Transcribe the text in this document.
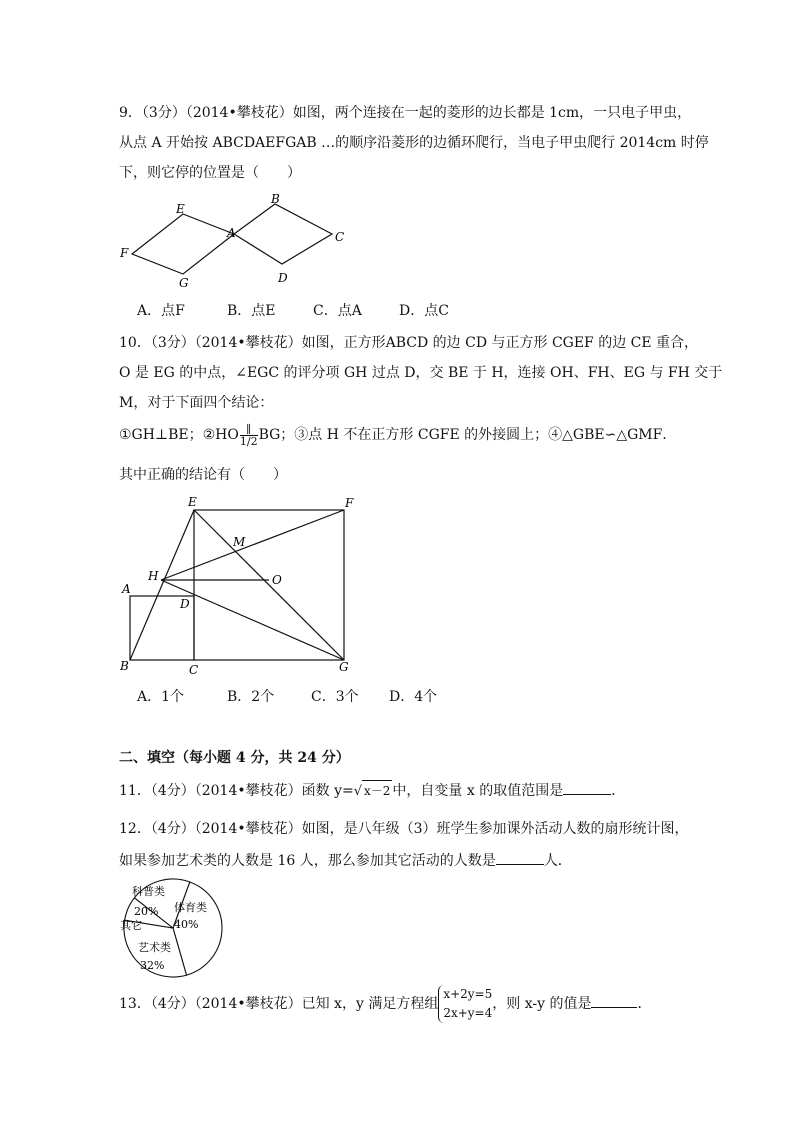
9．（3分）（2014•攀枝花）如图，两个连接在一起的菱形的边长都是 1cm，一只电子甲虫，
从点 A 开始按 ABCDAEFGAB …的顺序沿菱形的边循环爬行，当电子甲虫爬行 2014cm 时停
下，则它停的位置是（　　）
E
B
A	C
F
G	D
A．点F	B．点E	C．点A	D．点C
10．（3分）（2014•攀枝花）如图，正方形ABCD 的边 CD 与正方形 CGEF 的边 CE 重合，
O 是 EG 的中点，∠EGC 的评分项 GH 过点 D，交 BE 于 H，连接 OH、FH、EG 与 FH 交于
M，对于下面四个结论：
①GH⊥BE；②HO $\frac{\parallel}{1/2}$ BG；③点 H 不在正方形 CGFE 的外接圆上；④△GBE∽△GMF．
其中正确的结论有（　　）
E	F
M
H	O
A
D
B	C	G
A．1个	B．2个	C．3个 D．4个
二、填空（每小题 4 分，共 24 分）
11．（4分）（2014•攀枝花）函数 y=√ x－2 中，自变量 x 的取值范围是	．
12．（4分）（2014•攀枝花）如图，是八年级（3）班学生参加课外活动人数的扇形统计图，
如果参加艺术类的人数是 16 人，那么参加其它活动的人数是	人．
科普类
20% 体育类
40%
其它
艺术类
32%
13．（4分）（2014•攀枝花）已知 x，y 满足方程组
x+2y=5
2x+y=4
，则 x-y 的值是	．
